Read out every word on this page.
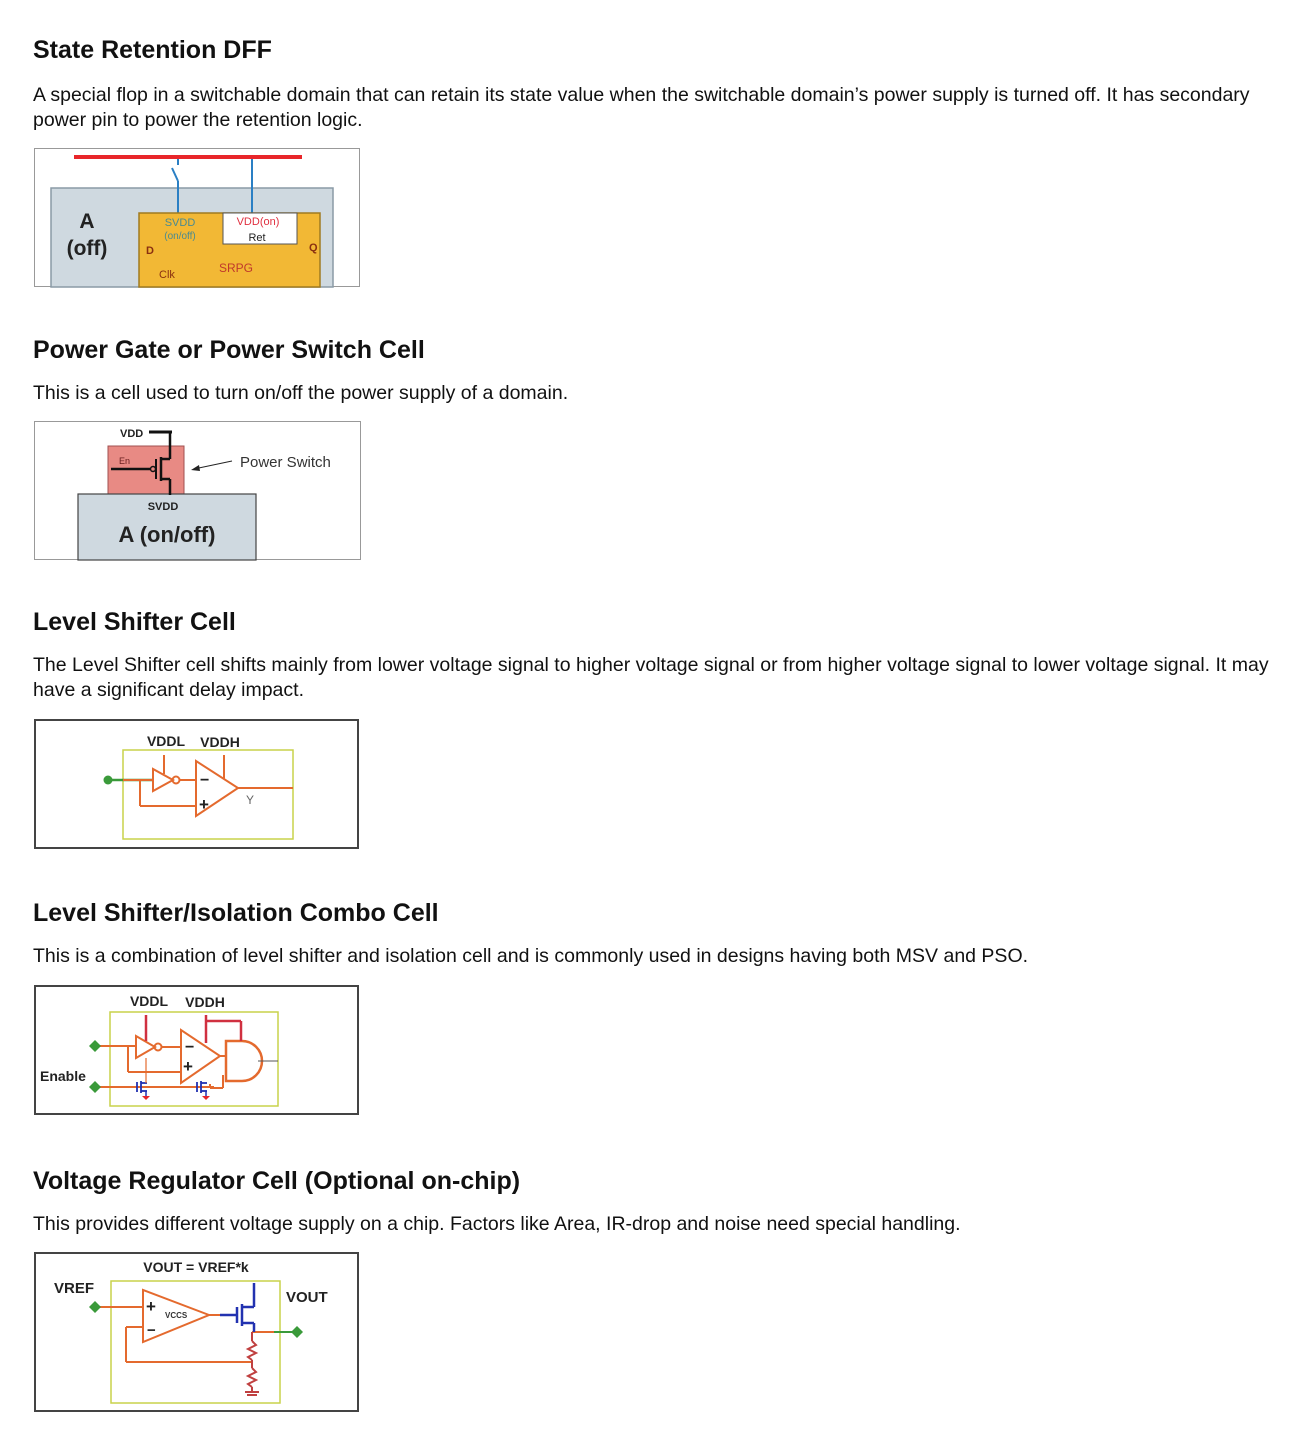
State Retention DFF

A special flop in a switchable domain that can retain its state value when the switchable domain’s power supply is turned off. It has secondary power pin to power the retention logic.

A
(off)
SVDD
(on/off)
VDD(on)
Ret
D	Q
Clk	SRPG
Power Gate or Power Switch Cell

This is a cell used to turn on/off the power supply of a domain.

VDD
En	Power Switch
SVDD
A (on/off)
Level Shifter Cell

The Level Shifter cell shifts mainly from lower voltage signal to higher voltage signal or from higher voltage signal to lower voltage signal. It may have a significant delay impact.

VDDL VDDH
−
+	Y
Level Shifter/Isolation Combo Cell

This is a combination of level shifter and isolation cell and is commonly used in designs having both MSV and PSO.

VDDL VDDH
Enable
−
+
Voltage Regulator Cell (Optional on-chip)

This provides different voltage supply on a chip. Factors like Area, IR-drop and noise need special handling.

VOUT = VREF*k
VREF
VOUT
VCCS
+
−
